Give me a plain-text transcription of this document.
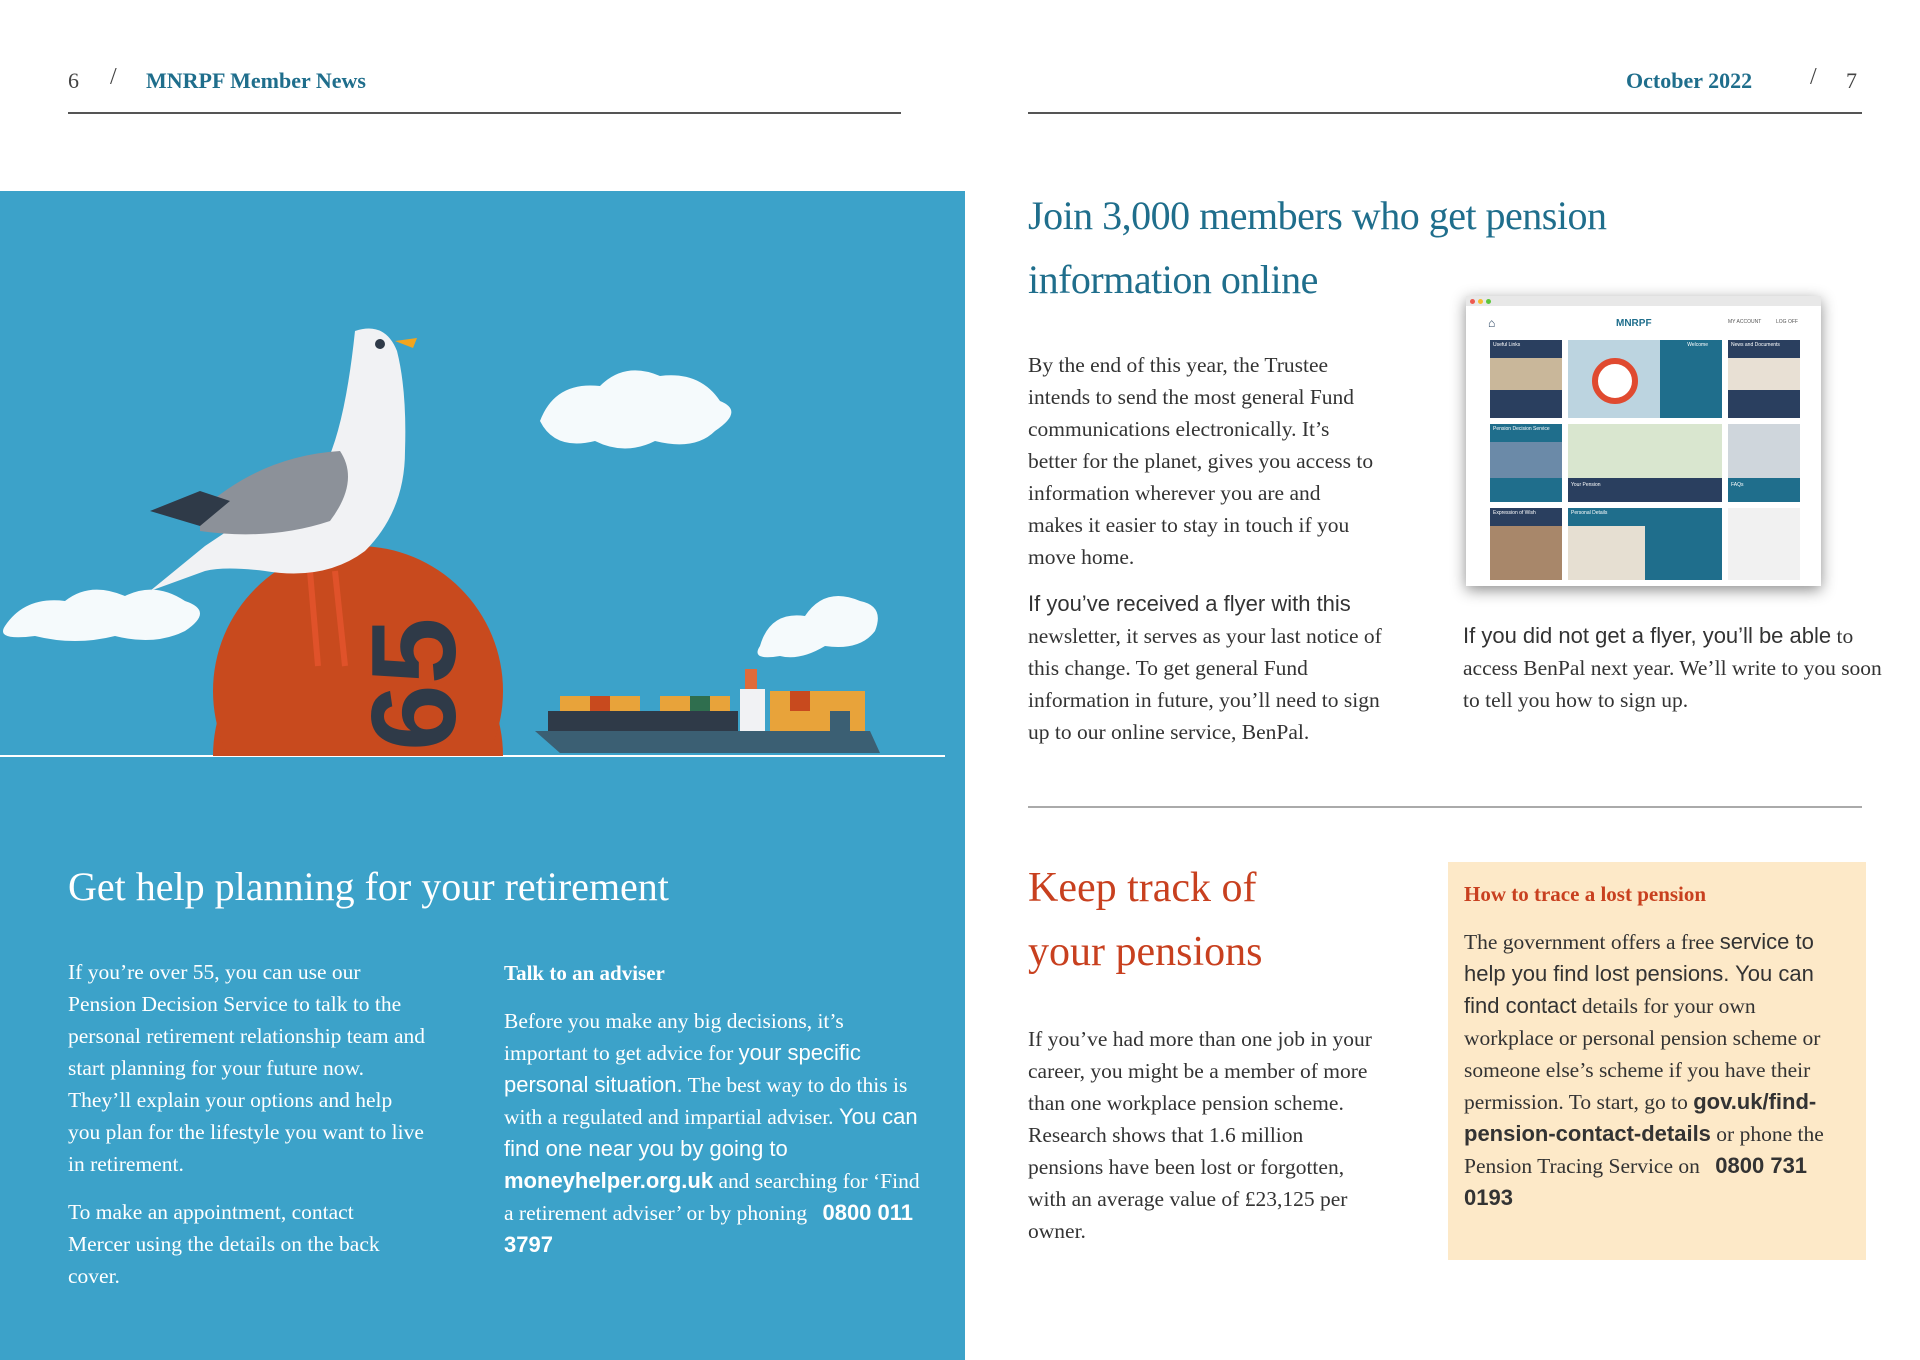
6 / MNRPF Member News	October 2022 / 7
65
Get help planning for your retirement
If you’re over 55, you can use our Pension Decision Service to talk to the personal retirement relationship team and start planning for your future now. They’ll explain your options and help you plan for the lifestyle you want to live in retirement.
To make an appointment, contact Mercer using the details on the back cover.
Talk to an adviser
Before you make any big decisions, it’s important to get advice for your specific personal situation. The best way to do this is with a regulated and impartial adviser. You can find one near you by going to moneyhelper.org.uk and searching for ‘Find a retirement adviser’ or by phoning 0800 011 3797
Join 3,000 members who get pension
information online
By the end of this year, the Trustee intends to send the most general Fund communications electronically. It’s better for the planet, gives you access to information wherever you are and makes it easier to stay in touch if you move home.
If you’ve received a flyer with this newsletter, it serves as your last notice of this change. To get general Fund information in future, you’ll need to sign up to our online service, BenPal.
If you did not get a flyer, you’ll be able to access BenPal next year. We’ll write to you soon to tell you how to sign up.
⌂	MNRPF	MY ACCOUNT	LOG OFF
Useful Links	Welcome	News and Documents
Pension Decision Service
Your Pension	FAQs
Expression of Wish	Personal Details
Keep track of
your pensions
If you’ve had more than one job in your career, you might be a member of more than one workplace pension scheme. Research shows that 1.6 million pensions have been lost or forgotten, with an average value of £23,125 per owner.
How to trace a lost pension
The government offers a free service to help you find lost pensions. You can find contact details for your own workplace or personal pension scheme or someone else’s scheme if you have their permission. To start, go to gov.uk/find-pension-contact-details or phone the Pension Tracing Service on 0800 731 0193
